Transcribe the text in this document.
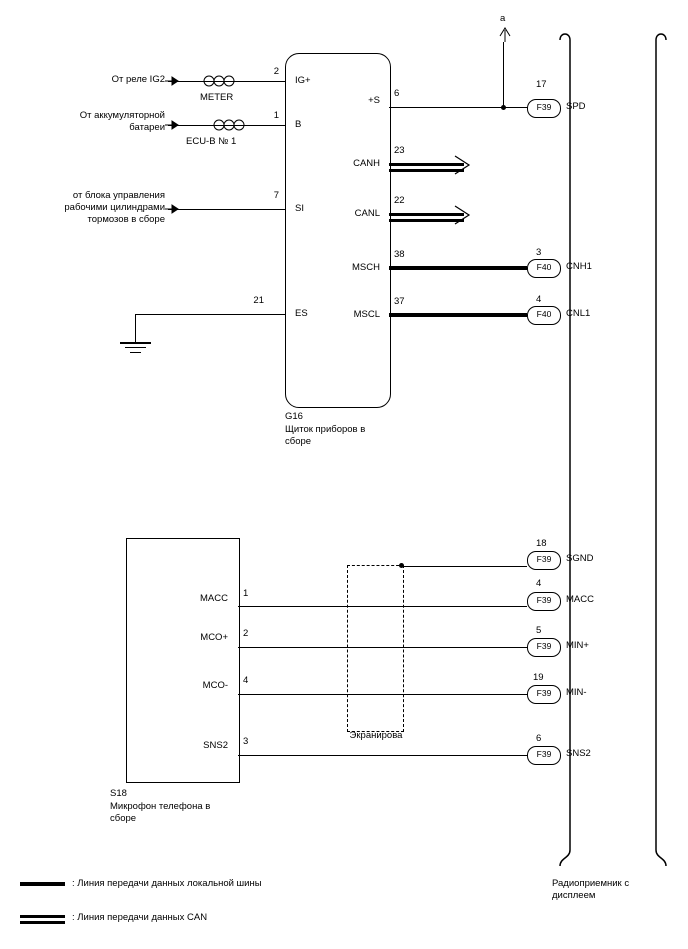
a
2
IG+
1
B
7
SI
21
ES
От реле IG2
METER
От аккумуляторной
батареи
ECU-B № 1
от блока управления
рабочими цилиндрами
тормозов в сборе
+S
6
CANH
23
CANL
22
MSCH
38
MSCL
37
G16
Щиток приборов в
сборе
Радиоприемник с
дисплеем
17
F39	SPD
3
F40	CNH1
4
F40	CNL1
18
F39	SGND
4
F39	MACC
5
F39	MIN+
19
F39	MIN-
6
F39	SNS2
MACC 1
MCO+ 2
MCO- 4
SNS2 3
S18
Микрофон телефона в
сборе
Экранирова
: Линия передачи данных локальной шины
: Линия передачи данных CAN
